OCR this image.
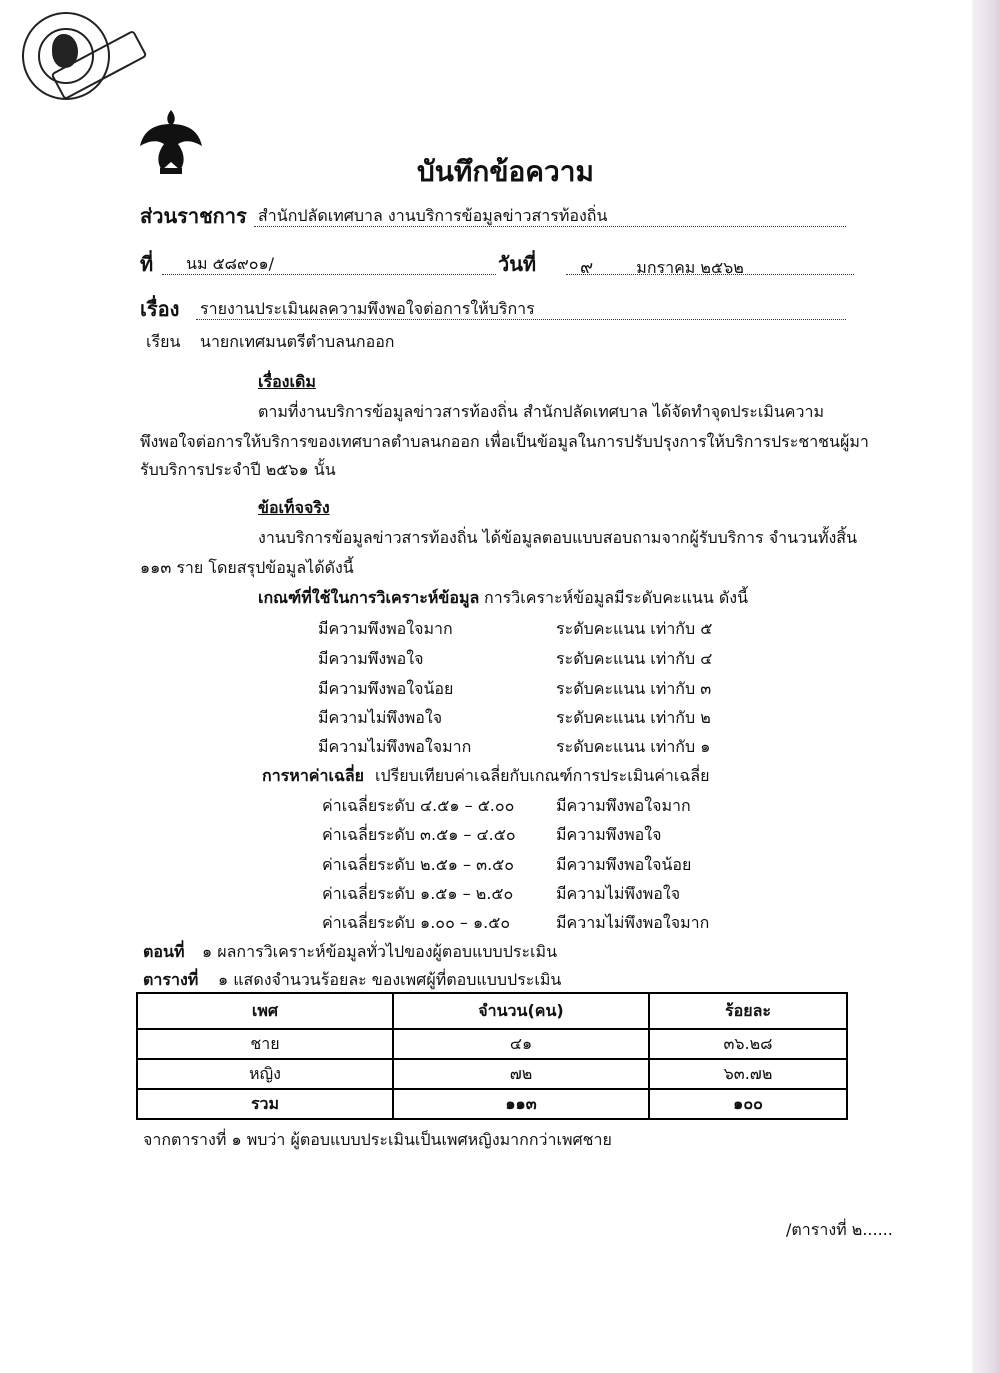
บันทึกข้อความ
ส่วนราชการ สำนักปลัดเทศบาล งานบริการข้อมูลข่าวสารท้องถิ่น
ที่	นม ๕๘๙๐๑/	วันที่	๙	มกราคม ๒๕๖๒
เรื่อง รายงานประเมินผลความพึงพอใจต่อการให้บริการ
เรียน นายกเทศมนตรีตำบลนกออก
เรื่องเดิม
ตามที่งานบริการข้อมูลข่าวสารท้องถิ่น สำนักปลัดเทศบาล ได้จัดทำจุดประเมินความ
พึงพอใจต่อการให้บริการของเทศบาลตำบลนกออก เพื่อเป็นข้อมูลในการปรับปรุงการให้บริการประชาชนผู้มา
รับบริการประจำปี ๒๕๖๑ นั้น
ข้อเท็จจริง
งานบริการข้อมูลข่าวสารท้องถิ่น ได้ข้อมูลตอบแบบสอบถามจากผู้รับบริการ จำนวนทั้งสิ้น
๑๑๓ ราย โดยสรุปข้อมูลได้ดังนี้
เกณฑ์ที่ใช้ในการวิเคราะห์ข้อมูล การวิเคราะห์ข้อมูลมีระดับคะแนน ดังนี้
มีความพึงพอใจมาก	ระดับคะแนน เท่ากับ ๕
มีความพึงพอใจ	ระดับคะแนน เท่ากับ ๔
มีความพึงพอใจน้อย	ระดับคะแนน เท่ากับ ๓
มีความไม่พึงพอใจ	ระดับคะแนน เท่ากับ ๒
มีความไม่พึงพอใจมาก	ระดับคะแนน เท่ากับ ๑
การหาค่าเฉลี่ย เปรียบเทียบค่าเฉลี่ยกับเกณฑ์การประเมินค่าเฉลี่ย
ค่าเฉลี่ยระดับ ๔.๕๑ – ๕.๐๐	มีความพึงพอใจมาก
ค่าเฉลี่ยระดับ ๓.๕๑ – ๔.๕๐	มีความพึงพอใจ
ค่าเฉลี่ยระดับ ๒.๕๑ – ๓.๕๐	มีความพึงพอใจน้อย
ค่าเฉลี่ยระดับ ๑.๕๑ – ๒.๕๐	มีความไม่พึงพอใจ
ค่าเฉลี่ยระดับ ๑.๐๐ – ๑.๕๐	มีความไม่พึงพอใจมาก
ตอนที่ ๑ ผลการวิเคราะห์ข้อมูลทั่วไปของผู้ตอบแบบประเมิน
ตารางที่ ๑ แสดงจำนวนร้อยละ ของเพศผู้ที่ตอบแบบประเมิน
เพศ	จำนวน(คน)	ร้อยละ
ชาย	๔๑	๓๖.๒๘
หญิง	๗๒	๖๓.๗๒
รวม	๑๑๓	๑๐๐
จากตารางที่ ๑ พบว่า ผู้ตอบแบบประเมินเป็นเพศหญิงมากกว่าเพศชาย
/ตารางที่ ๒......
